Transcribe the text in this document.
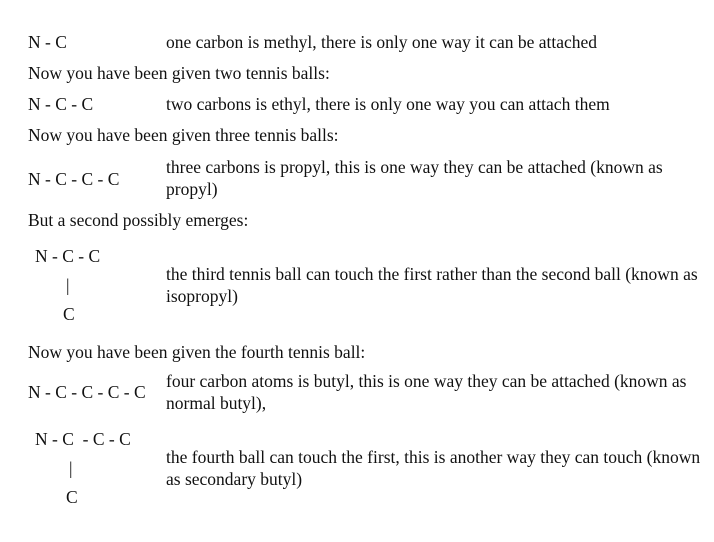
N - C	one carbon is methyl, there is only one way it can be attached
Now you have been given two tennis balls:
N - C - C	two carbons is ethyl, there is only one way you can attach them
Now you have been given three tennis balls:
N - C - C - C
three carbons is propyl, this is one way they can be attached (known as propyl)
But a second possibly emerges:
N - C - C
|
C
the third tennis ball can touch the first rather than the second ball (known as isopropyl)
Now you have been given the fourth tennis ball:
N - C - C - C - C
four carbon atoms is butyl, this is one way they can be attached (known as normal butyl),
N - C  - C - C
|
C
the fourth ball can touch the first, this is another way they can touch (known as secondary butyl)
